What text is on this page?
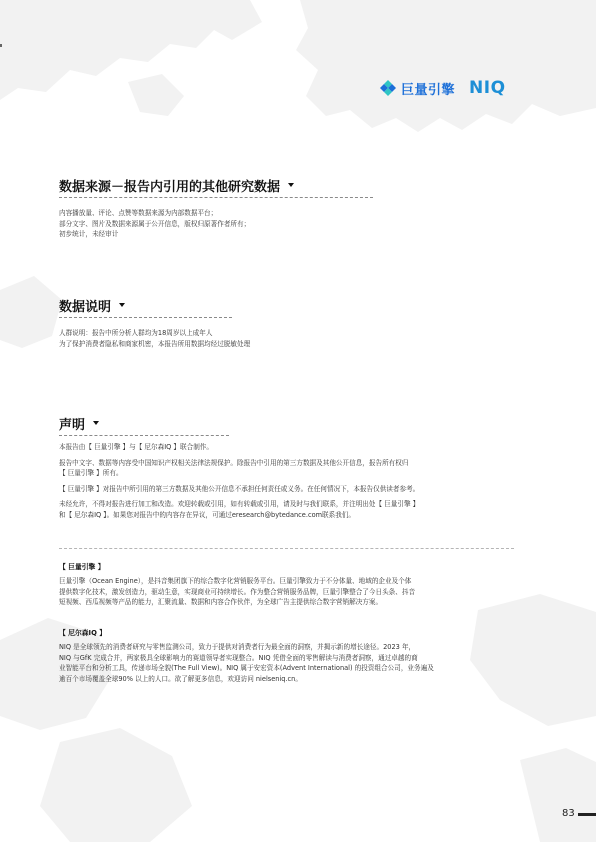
巨量引擎 NIQ
数据来源－报告内引用的其他研究数据
内容播放量、评论、点赞等数据来源为内部数据平台；
部分文字、图片及数据来源属于公开信息，版权归原著作者所有；
初步统计，未经审计
数据说明
人群说明：报告中所分析人群均为18周岁以上成年人
为了保护消费者隐私和商家机密，本报告所用数据均经过脱敏处理
声明

本报告由【 巨量引擎 】与【 尼尔森IQ 】联合制作。

报告中文字、数据等内容受中国知识产权相关法律法规保护。除报告中引用的第三方数据及其他公开信息，报告所有权归
【 巨量引擎 】所有。

【 巨量引擎 】对报告中所引用的第三方数据及其他公开信息不承担任何责任或义务。在任何情况下，本报告仅供读者参考。

未经允许，不得对报告进行加工和改造。欢迎转载或引用，如有转载或引用，请及时与我们联系，并注明出处【 巨量引擎 】
和【 尼尔森IQ 】。如果您对报告中的内容存在异议，可通过eresearch@bytedance.com联系我们。

【 巨量引擎 】
巨量引擎（Ocean Engine），是抖音集团旗下的综合数字化营销服务平台。巨量引擎致力于不分体量、地域的企业及个体
提供数字化技术，激发创造力，驱动生意，实现商业可持续增长。作为整合营销服务品牌，巨量引擎整合了今日头条、抖音
短视频、西瓜视频等产品的能力，汇聚流量、数据和内容合作伙伴，为全球广告主提供综合数字营销解决方案。
【 尼尔森IQ 】
NIQ 是全球领先的消费者研究与零售监测公司，致力于提供对消费者行为最全面的洞察，并揭示新的增长途径。2023 年，
NIQ 与GfK 完成合并，两家极具全球影响力的赛道领导者实现整合。NIQ 凭借全面的零售解读与消费者洞察，通过卓越的商
业智能平台和分析工具，传递市场全貌(The Full View)。NIQ 属于安宏资本(Advent International) 的投资组合公司，业务遍及
逾百个市场覆盖全球90% 以上的人口。欲了解更多信息，欢迎访问 nielseniq.cn。
83
